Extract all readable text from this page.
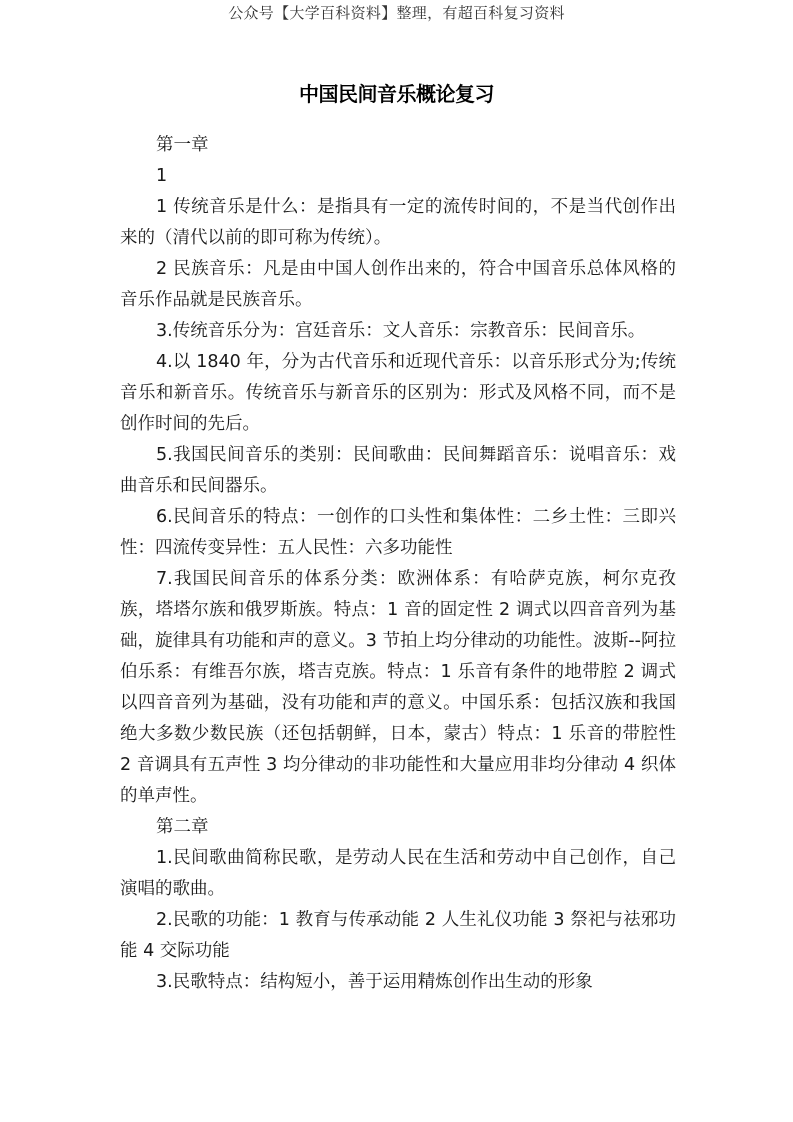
公众号【大学百科资料】整理，有超百科复习资料
中国民间音乐概论复习

第一章

1

1 传统音乐是什么：是指具有一定的流传时间的，不是当代创作出来的（清代以前的即可称为传统）。

2 民族音乐：凡是由中国人创作出来的，符合中国音乐总体风格的音乐作品就是民族音乐。

3.传统音乐分为：宫廷音乐：文人音乐：宗教音乐：民间音乐。

4.以 1840 年，分为古代音乐和近现代音乐：以音乐形式分为;传统音乐和新音乐。传统音乐与新音乐的区别为：形式及风格不同，而不是创作时间的先后。

5.我国民间音乐的类别：民间歌曲：民间舞蹈音乐：说唱音乐：戏曲音乐和民间器乐。

6.民间音乐的特点：一创作的口头性和集体性：二乡土性：三即兴性：四流传变异性：五人民性：六多功能性

7.我国民间音乐的体系分类：欧洲体系：有哈萨克族，柯尔克孜族，塔塔尔族和俄罗斯族。特点：1 音的固定性 2 调式以四音音列为基础，旋律具有功能和声的意义。3 节拍上均分律动的功能性。波斯--阿拉伯乐系：有维吾尔族，塔吉克族。特点：1 乐音有条件的地带腔 2 调式以四音音列为基础，没有功能和声的意义。中国乐系：包括汉族和我国绝大多数少数民族（还包括朝鲜，日本，蒙古）特点：1 乐音的带腔性 2 音调具有五声性 3 均分律动的非功能性和大量应用非均分律动 4 织体的单声性。

第二章

1.民间歌曲简称民歌，是劳动人民在生活和劳动中自己创作，自己演唱的歌曲。

2.民歌的功能：1 教育与传承动能 2 人生礼仪功能 3 祭祀与祛邪功能 4 交际功能

3.民歌特点：结构短小，善于运用精炼创作出生动的形象
